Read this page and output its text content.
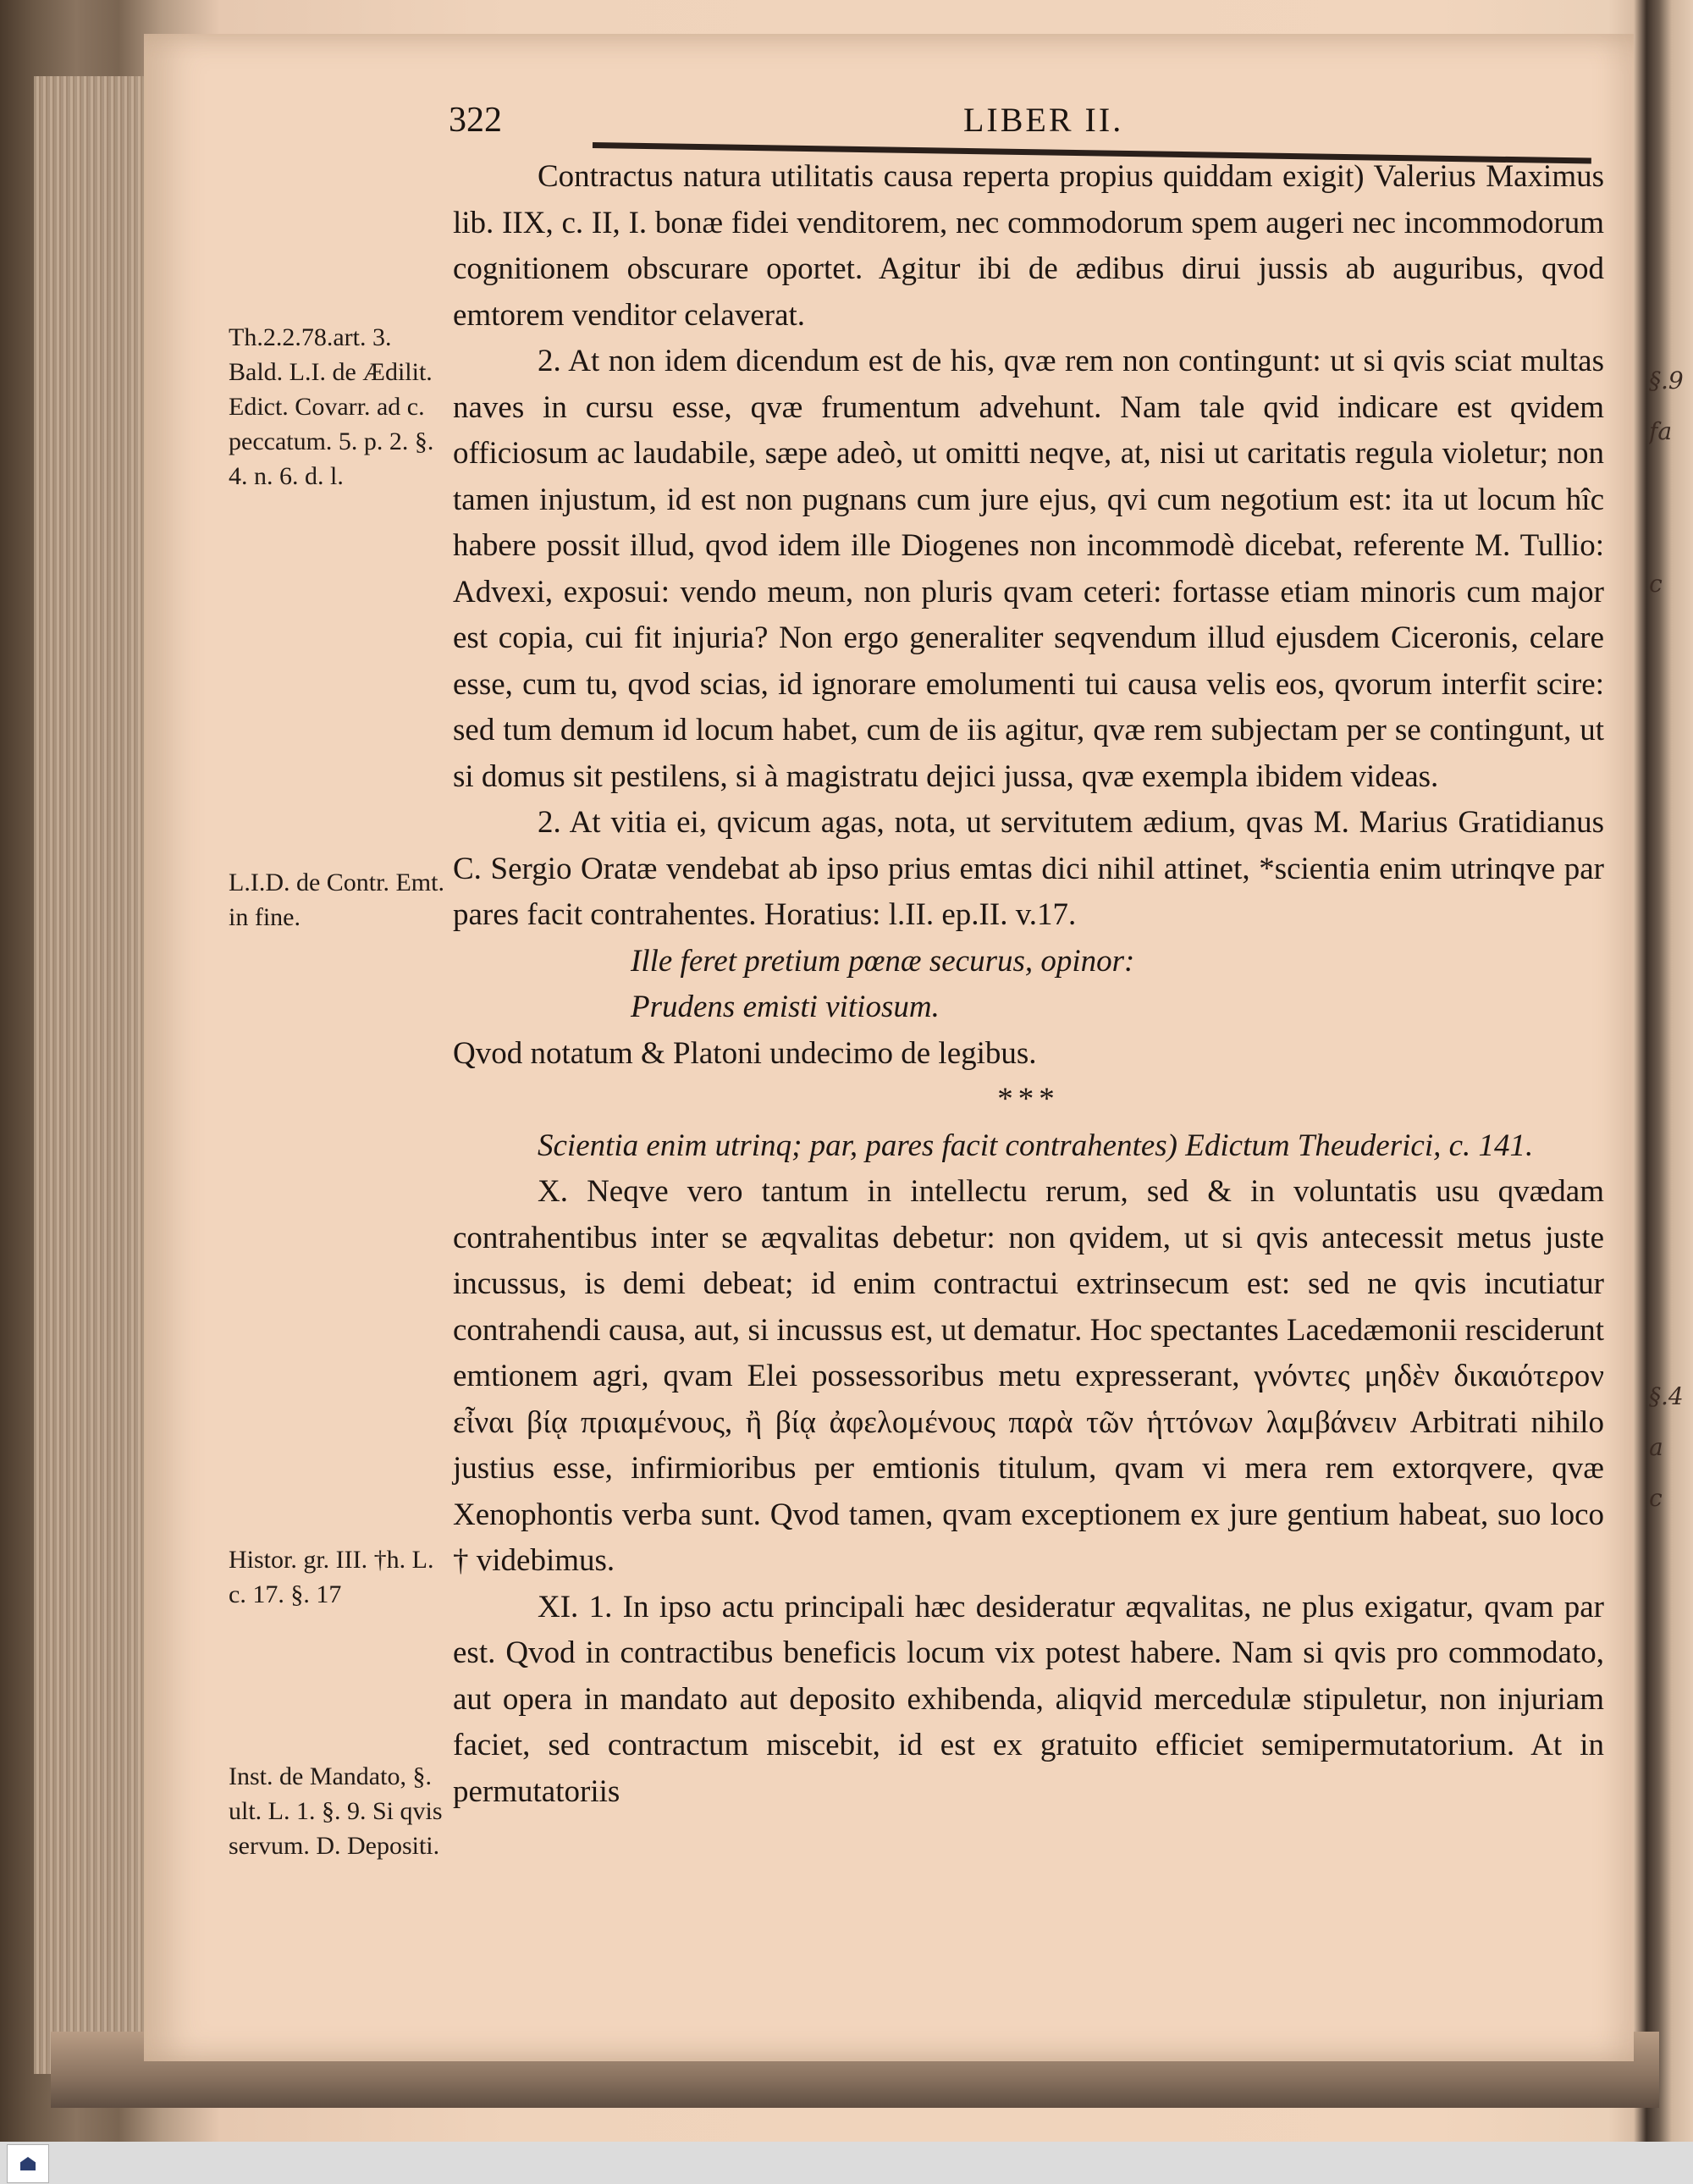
322	LIBER II.
Th.2.2.78.art. 3. Bald. L.I. de Ædilit. Edict. Covarr. ad c. peccatum. 5. p. 2. §. 4. n. 6. d. l.
L.I.D. de Contr. Emt. in fine.
Histor. gr. III. †h. L. c. 17. §. 17
Inst. de Mandato, §. ult. L. 1. §. 9. Si qvis servum. D. Depositi.

Contractus natura utilitatis causa reperta propius quiddam exigit) Valerius Maximus lib. IIX, c. II, I. bonæ fidei venditorem, nec commodorum spem augeri nec incommodorum cognitionem obscurare oportet. Agitur ibi de ædibus dirui jussis ab auguribus, qvod emtorem venditor celaverat.

2. At non idem dicendum est de his, qvæ rem non contingunt: ut si qvis sciat multas naves in cursu esse, qvæ frumentum advehunt. Nam tale qvid indicare est qvidem officiosum ac laudabile, sæpe adeò, ut omitti neqve, at, nisi ut caritatis regula violetur; non tamen injustum, id est non pugnans cum jure ejus, qvi cum negotium est: ita ut locum hîc habere possit illud, qvod idem ille Diogenes non incommodè dicebat, referente M. Tullio: Advexi, exposui: vendo meum, non pluris qvam ceteri: fortasse etiam minoris cum major est copia, cui fit injuria? Non ergo generaliter seqvendum illud ejusdem Ciceronis, celare esse, cum tu, qvod scias, id ignorare emolumenti tui causa velis eos, qvorum interfit scire: sed tum demum id locum habet, cum de iis agitur, qvæ rem subjectam per se contingunt, ut si domus sit pestilens, si à magistratu dejici jussa, qvæ exempla ibidem videas.

2. At vitia ei, qvicum agas, nota, ut servitutem ædium, qvas M. Marius Gratidianus C. Sergio Oratæ vendebat ab ipso prius emtas dici nihil attinet, *scientia enim utrinqve par pares facit contrahentes. Horatius: l.II. ep.II. v.17.

Ille feret pretium pœnæ securus, opinor:

Prudens emisti vitiosum.

Qvod notatum & Platoni undecimo de legibus.

***

Scientia enim utrinq; par, pares facit contrahentes) Edictum Theuderici, c. 141.

X. Neqve vero tantum in intellectu rerum, sed & in voluntatis usu qvædam contrahentibus inter se æqvalitas debetur: non qvidem, ut si qvis antecessit metus juste incussus, is demi debeat; id enim contractui extrinsecum est: sed ne qvis incutiatur contrahendi causa, aut, si incussus est, ut dematur. Hoc spectantes Lacedæmonii resciderunt emtionem agri, qvam Elei possessoribus metu expresserant, γνόντες μηδὲν δικαιότερον εἶναι βίᾳ πριαμένους, ἢ βίᾳ ἀφελομένους παρὰ τῶν ἡττόνων λαμβάνειν Arbitrati nihilo justius esse, infirmioribus per emtionis titulum, qvam vi mera rem extorqvere, qvæ Xenophontis verba sunt. Qvod tamen, qvam exceptionem ex jure gentium habeat, suo loco † videbimus.

XI. 1. In ipso actu principali hæc desideratur æqvalitas, ne plus exigatur, qvam par est. Qvod in contractibus beneficis locum vix potest habere. Nam si qvis pro commodato, aut opera in mandato aut deposito exhibenda, aliqvid mercedulæ stipuletur, non injuriam faciet, sed contractum miscebit, id est ex gratuito efficiet semipermutatorium. At in permutatoriis

§.9
fa
c
§.4
a
c
